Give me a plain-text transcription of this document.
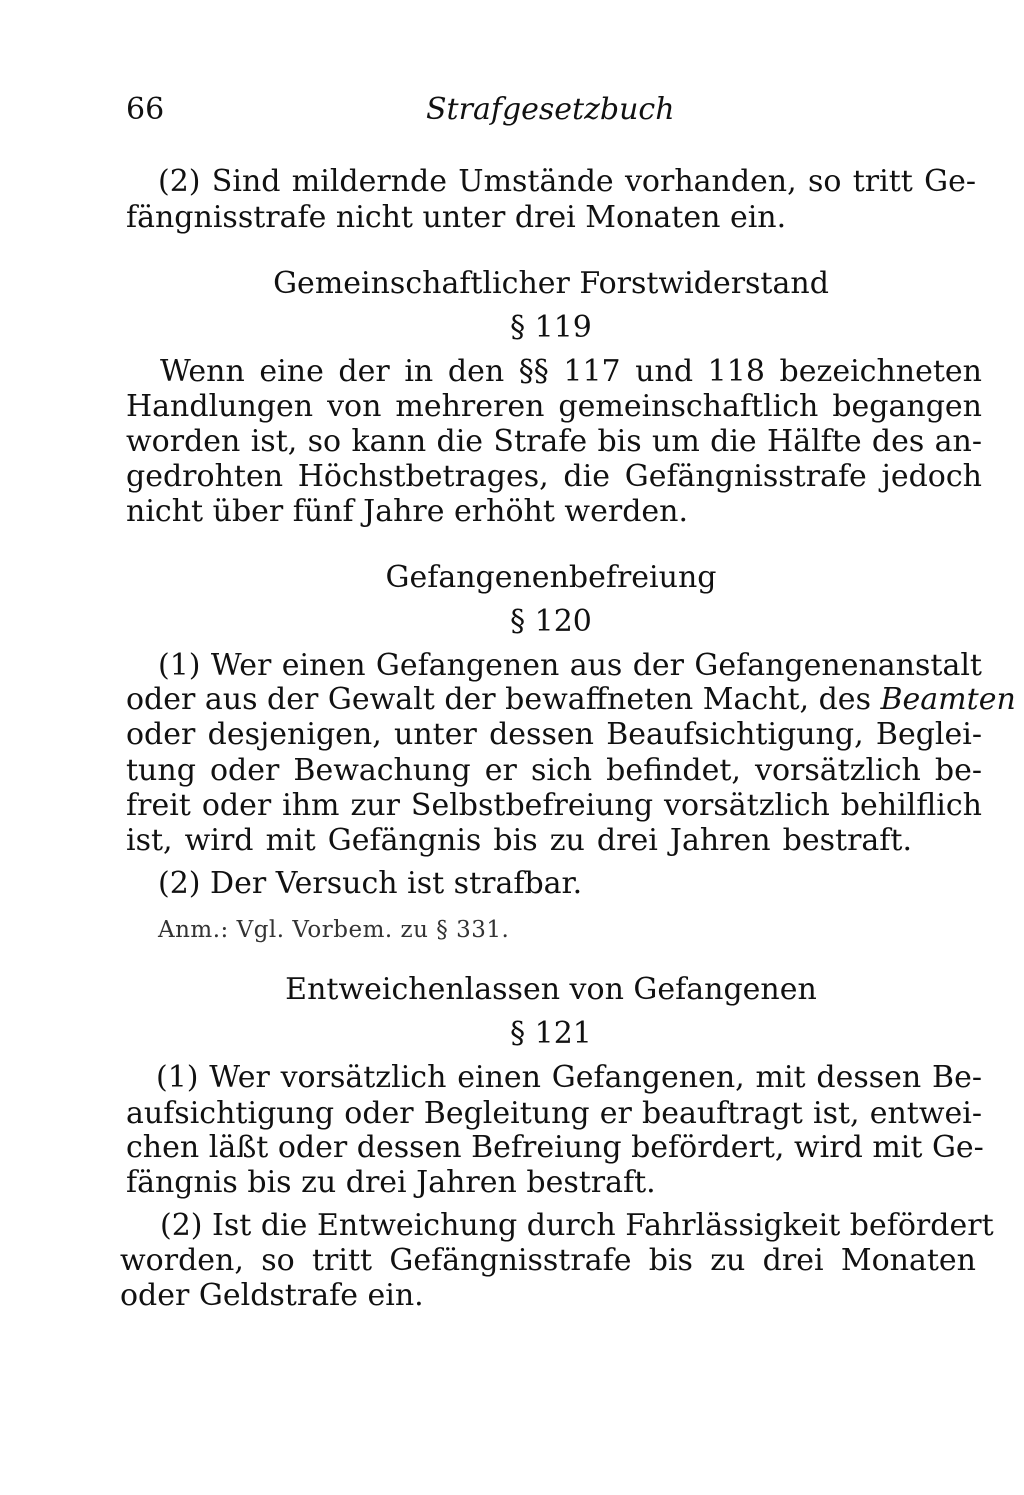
66	Strafgesetzbuch

(2) Sind mildernde Umstände vorhanden, so tritt Ge-

fängnisstrafe nicht unter drei Monaten ein.

Gemeinschaftlicher Forstwiderstand

§ 119

Wenn eine der in den §§ 117 und 118 bezeichneten

Handlungen von mehreren gemeinschaftlich begangen

worden ist, so kann die Strafe bis um die Hälfte des an-

gedrohten Höchstbetrages, die Gefängnisstrafe jedoch

nicht über fünf Jahre erhöht werden.

Gefangenenbefreiung

§ 120

(1) Wer einen Gefangenen aus der Gefangenenanstalt

oder aus der Gewalt der bewaffneten Macht, des Beamten

oder desjenigen, unter dessen Beaufsichtigung, Beglei-

tung oder Bewachung er sich befindet, vorsätzlich be-

freit oder ihm zur Selbstbefreiung vorsätzlich behilflich

ist, wird mit Gefängnis bis zu drei Jahren bestraft.

(2) Der Versuch ist strafbar.

Anm.: Vgl. Vorbem. zu § 331.

Entweichenlassen von Gefangenen

§ 121

(1) Wer vorsätzlich einen Gefangenen, mit dessen Be-

aufsichtigung oder Begleitung er beauftragt ist, entwei-

chen läßt oder dessen Befreiung befördert, wird mit Ge-

fängnis bis zu drei Jahren bestraft.

(2) Ist die Entweichung durch Fahrlässigkeit befördert

worden, so tritt Gefängnisstrafe bis zu drei Monaten

oder Geldstrafe ein.
